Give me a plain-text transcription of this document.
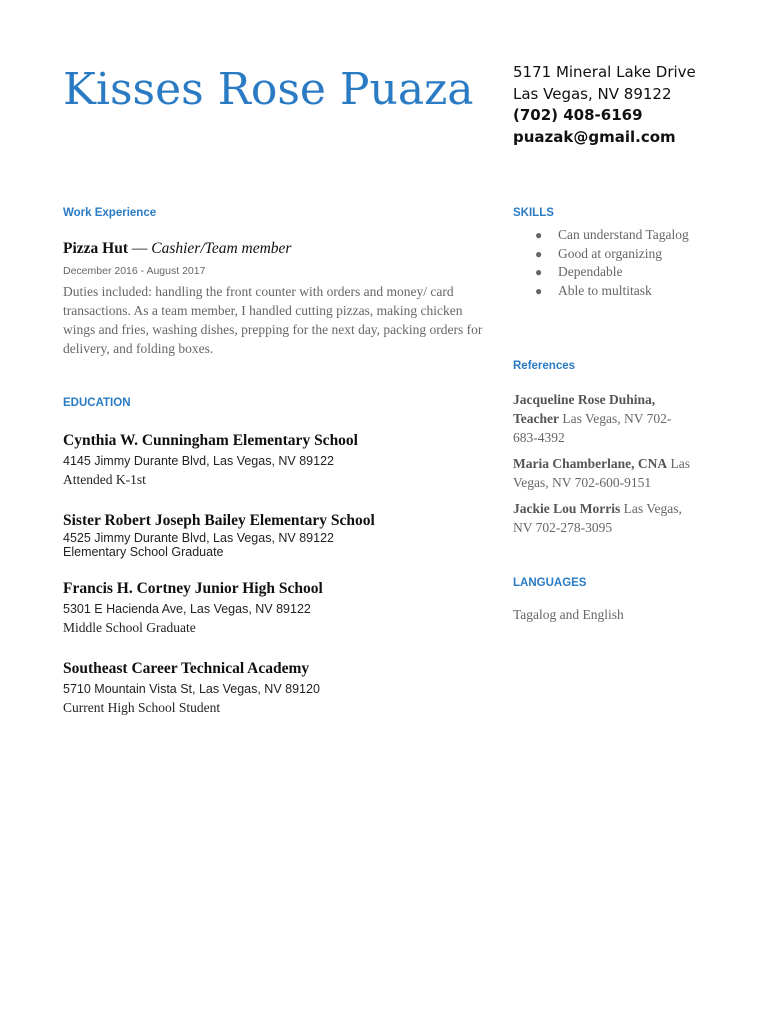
Kisses Rose Puaza	5171 Mineral Lake Drive
Las Vegas, NV 89122
(702) 408-6169
puazak@gmail.com
Work Experience
Pizza Hut — Cashier/Team member
December 2016 - August 2017
Duties included: handling the front counter with orders and money/ card transactions. As a team member, I handled cutting pizzas, making chicken wings and fries, washing dishes, prepping for the next day, packing orders for delivery, and folding boxes.
EDUCATION
Cynthia W. Cunningham Elementary School
4145 Jimmy Durante Blvd, Las Vegas, NV 89122
Attended K-1st
Sister Robert Joseph Bailey Elementary School
4525 Jimmy Durante Blvd, Las Vegas, NV 89122
Elementary School Graduate
Francis H. Cortney Junior High School
5301 E Hacienda Ave, Las Vegas, NV 89122
Middle School Graduate
Southeast Career Technical Academy
5710 Mountain Vista St, Las Vegas, NV 89120
Current High School Student
SKILLS
● Can understand Tagalog
● Good at organizing
● Dependable
● Able to multitask
References
Jacqueline Rose Duhina, Teacher Las Vegas, NV 702-683-4392
Maria Chamberlane, CNA Las Vegas, NV 702-600-9151
Jackie Lou Morris Las Vegas, NV 702-278-3095
LANGUAGES
Tagalog and English
